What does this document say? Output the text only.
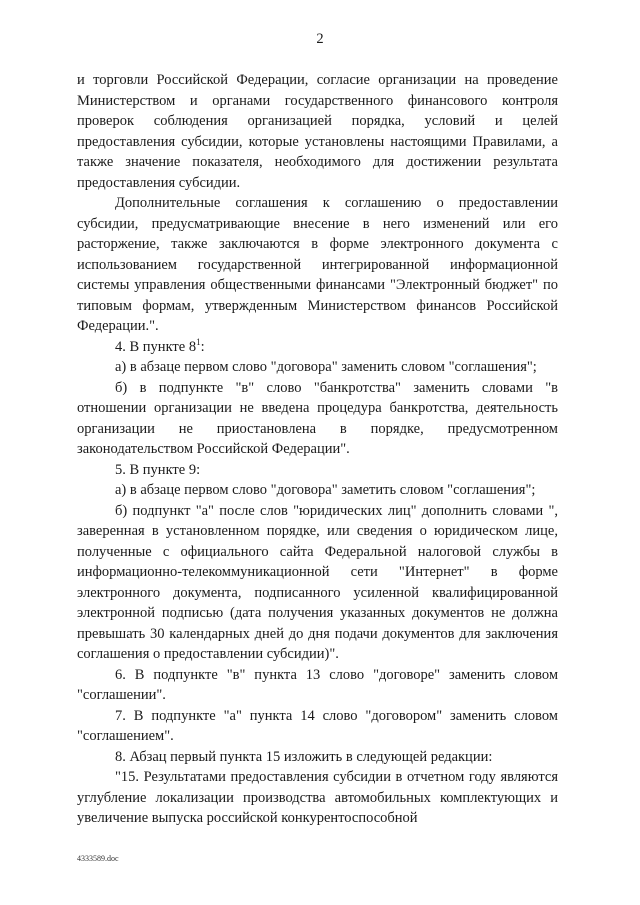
2

и торговли Российской Федерации, согласие организации на проведение Министерством и органами государственного финансового контроля проверок соблюдения организацией порядка, условий и целей предоставления субсидии, которые установлены настоящими Правилами, а также значение показателя, необходимого для достижении результата предоставления субсидии.

Дополнительные соглашения к соглашению о предоставлении субсидии, предусматривающие внесение в него изменений или его расторжение, также заключаются в форме электронного документа с использованием государственной интегрированной информационной системы управления общественными финансами "Электронный бюджет" по типовым формам, утвержденным Министерством финансов Российской Федерации.".

4. В пункте $8^1$:

а) в абзаце первом слово "договора" заменить словом "соглашения";

б) в подпункте "в" слово "банкротства" заменить словами "в отношении организации не введена процедура банкротства, деятельность организации не приостановлена в порядке, предусмотренном законодательством Российской Федерации".

5. В пункте 9:

а) в абзаце первом слово "договора" заметить словом "соглашения";

б) подпункт "а" после слов "юридических лиц" дополнить словами ", заверенная в установленном порядке, или сведения о юридическом лице, полученные с официального сайта Федеральной налоговой службы в информационно-телекоммуникационной сети "Интернет" в форме электронного документа, подписанного усиленной квалифицированной электронной подписью (дата получения указанных документов не должна превышать 30 календарных дней до дня подачи документов для заключения соглашения о предоставлении субсидии)".

6. В подпункте "в" пункта 13 слово "договоре" заменить словом "соглашении".

7. В подпункте "а" пункта 14 слово "договором" заменить словом "соглашением".

8. Абзац первый пункта 15 изложить в следующей редакции:

"15. Результатами предоставления субсидии в отчетном году являются углубление локализации производства автомобильных комплектующих и увеличение выпуска российской конкурентоспособной

4333589.doc
